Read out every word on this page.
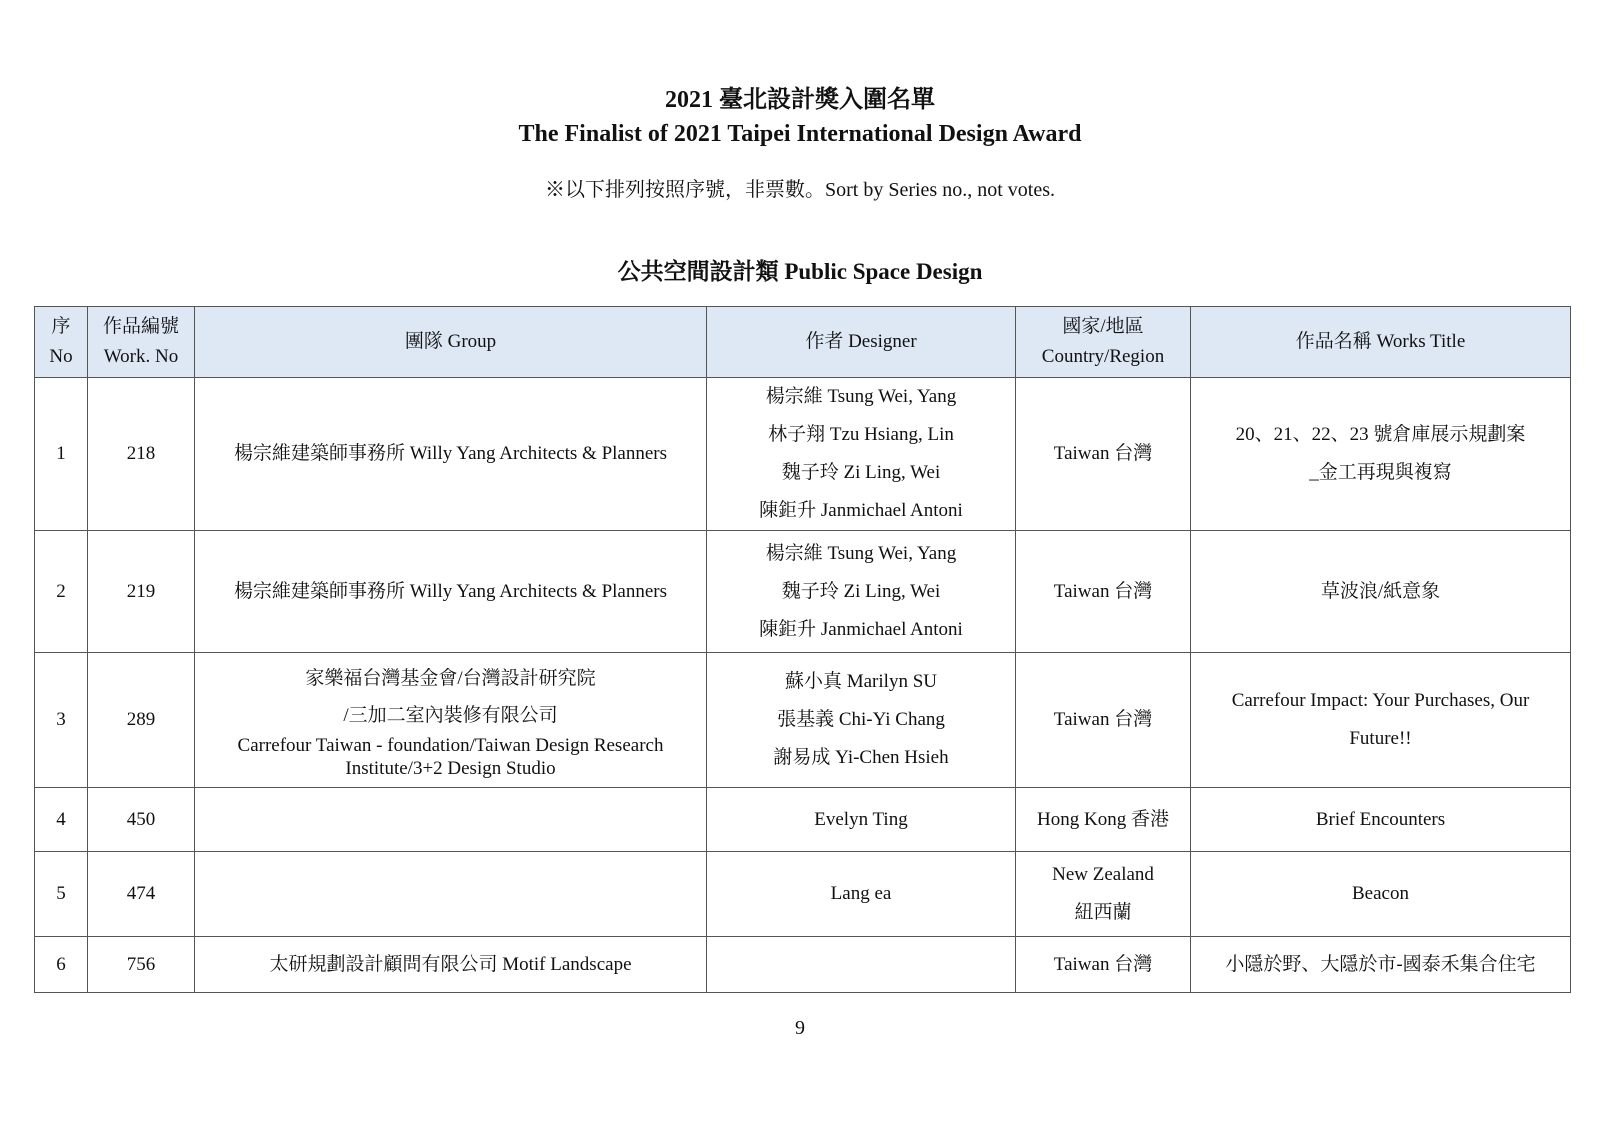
2021 臺北設計獎入圍名單
The Finalist of 2021 Taipei International Design Award
※以下排列按照序號，非票數。Sort by Series no., not votes.
公共空間設計類 Public Space Design
序 No	作品編號 Work. No	團隊 Group	作者 Designer	國家/地區 Country/Region	作品名稱 Works Title
1	218	楊宗維建築師事務所 Willy Yang Architects & Planners	楊宗維 Tsung Wei, Yang
林子翔 Tzu Hsiang, Lin
魏子玲 Zi Ling, Wei
陳鉅升 Janmichael Antoni	Taiwan 台灣	20、21、22、23 號倉庫展示規劃案
_金工再現與複寫

2	219	楊宗維建築師事務所 Willy Yang Architects & Planners	楊宗維 Tsung Wei, Yang
魏子玲 Zi Ling, Wei
陳鉅升 Janmichael Antoni	Taiwan 台灣	草波浪/紙意象

3	289	家樂福台灣基金會/台灣設計研究院
/三加二室內裝修有限公司
Carrefour Taiwan - foundation/Taiwan Design Research
Institute/3+2 Design Studio	蘇小真 Marilyn SU
張基義 Chi-Yi Chang
謝易成 Yi-Chen Hsieh	Taiwan 台灣	Carrefour Impact: Your Purchases, Our
Future!!

4	450		Evelyn Ting	Hong Kong 香港	Brief Encounters

5	474		Lang ea	New Zealand
紐西蘭	Beacon

6	756	太研規劃設計顧問有限公司 Motif Landscape		Taiwan 台灣	小隱於野、大隱於市-國泰禾集合住宅
9
